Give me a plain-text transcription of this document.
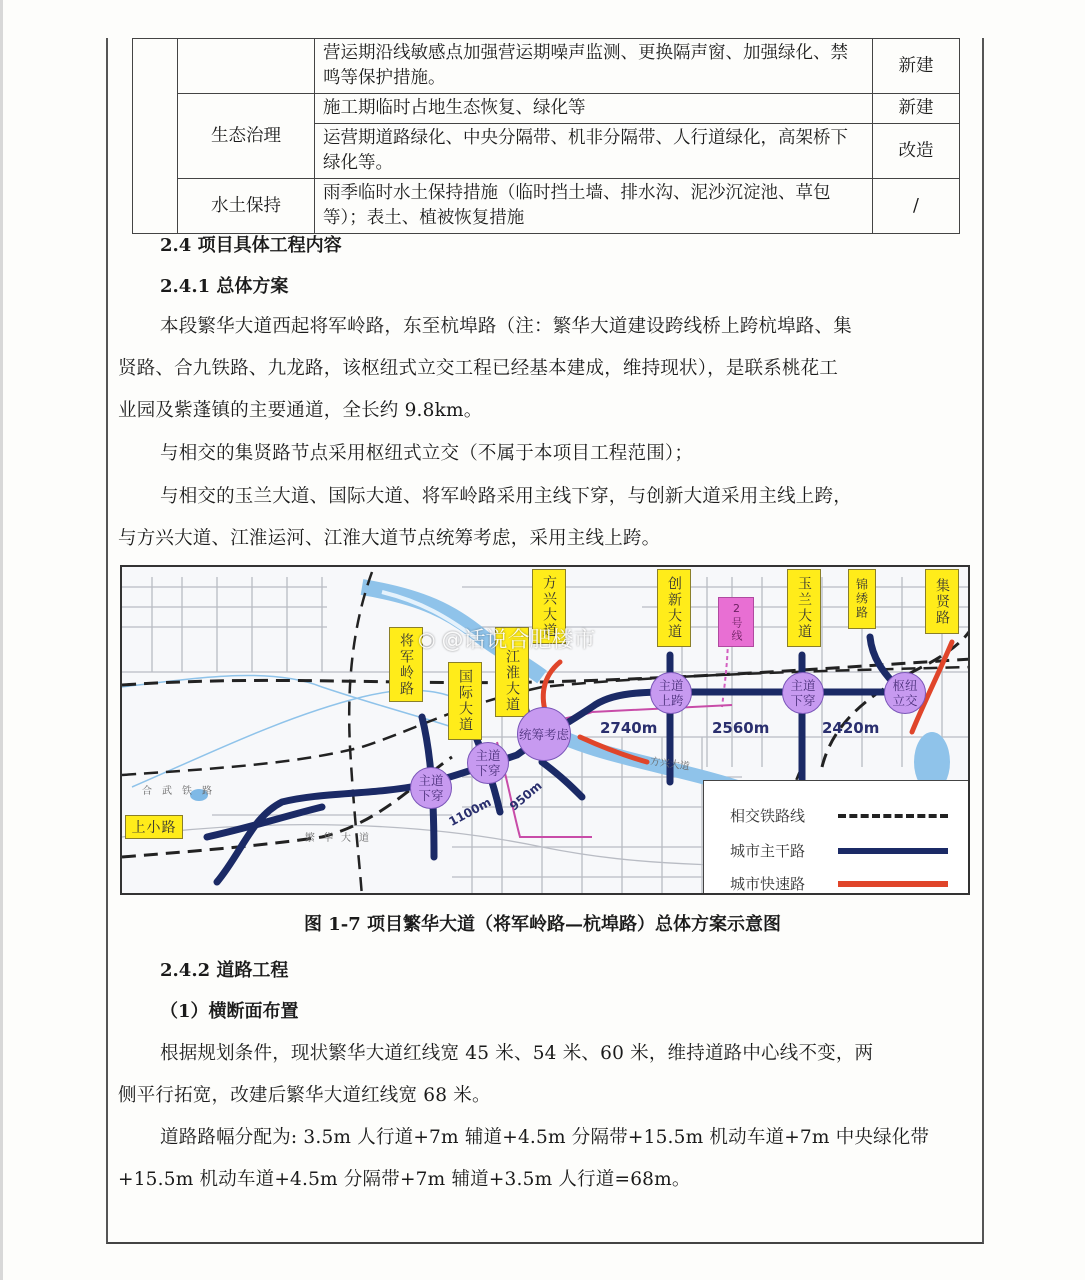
		营运期沿线敏感点加强营运期噪声监测、更换隔声窗、加强绿化、禁鸣等保护措施。	新建
	生态治理	施工期临时占地生态恢复、绿化等	新建
		运营期道路绿化、中央分隔带、机非分隔带、人行道绿化，高架桥下绿化等。	改造
	水土保持	雨季临时水土保持措施（临时挡土墙、排水沟、泥沙沉淀池、草包等）；表土、植被恢复措施	/
2.4 项目具体工程内容
2.4.1 总体方案
本段繁华大道西起将军岭路，东至杭埠路（注：繁华大道建设跨线桥上跨杭埠路、集
贤路、合九铁路、九龙路，该枢纽式立交工程已经基本建成，维持现状），是联系桃花工
业园及紫蓬镇的主要通道，全长约 9.8km。
与相交的集贤路节点采用枢纽式立交（不属于本项目工程范围）；
与相交的玉兰大道、国际大道、将军岭路采用主线下穿，与创新大道采用主线上跨，
与方兴大道、江淮运河、江淮大道节点统筹考虑，采用主线上跨。
合武铁路
繁华大道
方兴大道
将军岭路
国际大道	江淮大道
方兴大道	创新大道	2号线	玉兰大道	锦绣路	集贤路
上小路
主道
下穿
主道
下穿
统筹考虑
主道
上跨
主道
下穿
枢纽
立交
1100m 950m
2740m	2560m	2420m
相交铁路线
城市主干路
城市快速路
◉ @话说合肥楼市
图 1-7 项目繁华大道（将军岭路—杭埠路）总体方案示意图
2.4.2 道路工程
（1）横断面布置
根据规划条件，现状繁华大道红线宽 45 米、54 米、60 米，维持道路中心线不变，两
侧平行拓宽，改建后繁华大道红线宽 68 米。
道路路幅分配为: 3.5m 人行道+7m 辅道+4.5m 分隔带+15.5m 机动车道+7m 中央绿化带
+15.5m 机动车道+4.5m 分隔带+7m 辅道+3.5m 人行道=68m。
